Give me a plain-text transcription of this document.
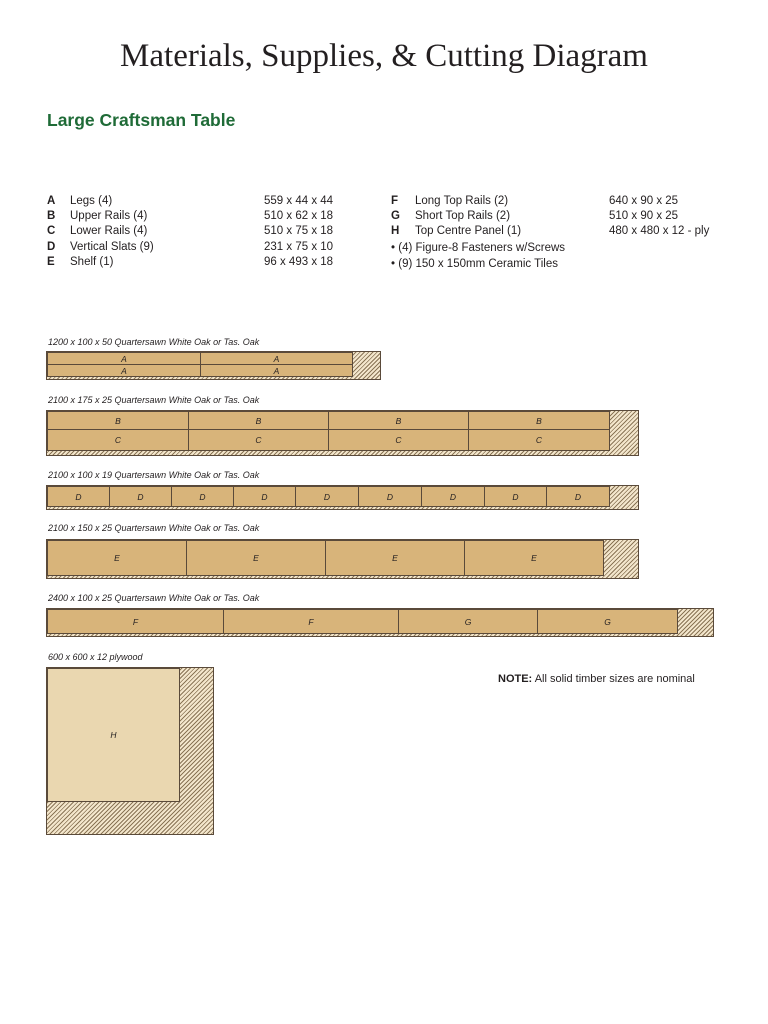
Materials, Supplies, & Cutting Diagram
Large Craftsman Table
A Legs (4)	559 x 44 x 44
B Upper Rails (4)	510 x 62 x 18
C Lower Rails (4)	510 x 75 x 18
D Vertical Slats (9)	231 x 75 x 10
E Shelf (1)	96 x 493 x 18
F Long Top Rails (2)	640 x 90 x 25
G Short Top Rails (2)	510 x 90 x 25
H Top Centre Panel (1)	480 x 480 x 12 - ply
• (4) Figure-8 Fasteners w/Screws
• (9) 150 x 150mm Ceramic Tiles
1200 x 100 x 50 Quartersawn White Oak or Tas. Oak
A	A
A	A
2100 x 175 x 25 Quartersawn White Oak or Tas. Oak
B	B	B	B
C	C	C	C
2100 x 100 x 19 Quartersawn White Oak or Tas. Oak
D	D	D	D	D	D	D	D	D
2100 x 150 x 25 Quartersawn White Oak or Tas. Oak
E	E	E	E
2400 x 100 x 25 Quartersawn White Oak or Tas. Oak
F	F	G	G
600 x 600 x 12 plywood
H
NOTE: All solid timber sizes are nominal
